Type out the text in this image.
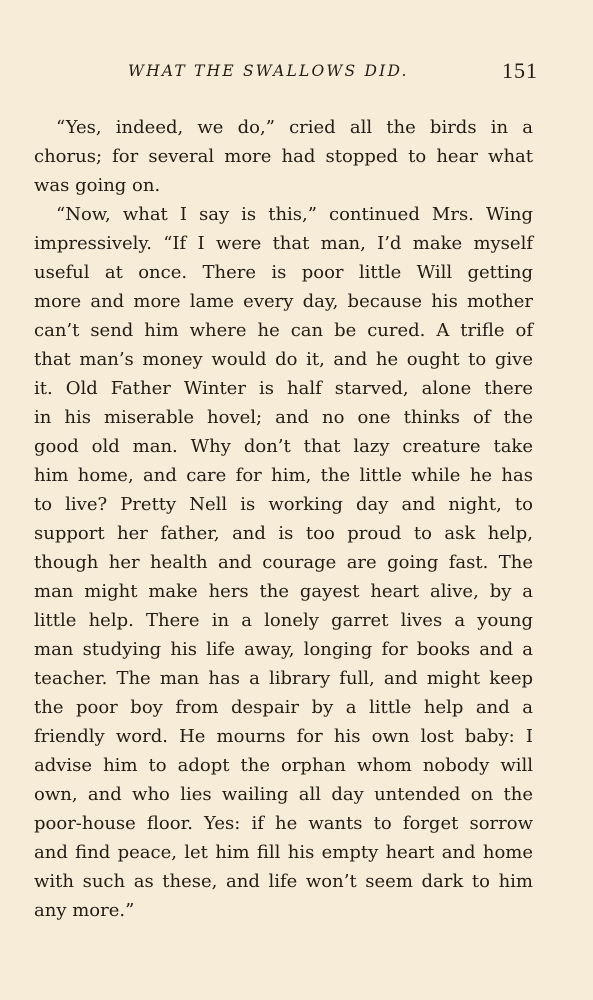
WHAT THE SWALLOWS DID.	151
“Yes, indeed, we do,” cried all the birds in a
chorus; for several more had stopped to hear what
was going on.
“Now, what I say is this,” continued Mrs. Wing
impressively. “If I were that man, I’d make myself
useful at once. There is poor little Will getting
more and more lame every day, because his mother
can’t send him where he can be cured. A trifle of
that man’s money would do it, and he ought to give
it. Old Father Winter is half starved, alone there
in his miserable hovel; and no one thinks of the
good old man. Why don’t that lazy creature take
him home, and care for him, the little while he has
to live? Pretty Nell is working day and night, to
support her father, and is too proud to ask help,
though her health and courage are going fast. The
man might make hers the gayest heart alive, by a
little help. There in a lonely garret lives a young
man studying his life away, longing for books and a
teacher. The man has a library full, and might keep
the poor boy from despair by a little help and a
friendly word. He mourns for his own lost baby: I
advise him to adopt the orphan whom nobody will
own, and who lies wailing all day untended on the
poor-house floor. Yes: if he wants to forget sorrow
and find peace, let him fill his empty heart and home
with such as these, and life won’t seem dark to him
any more.”
